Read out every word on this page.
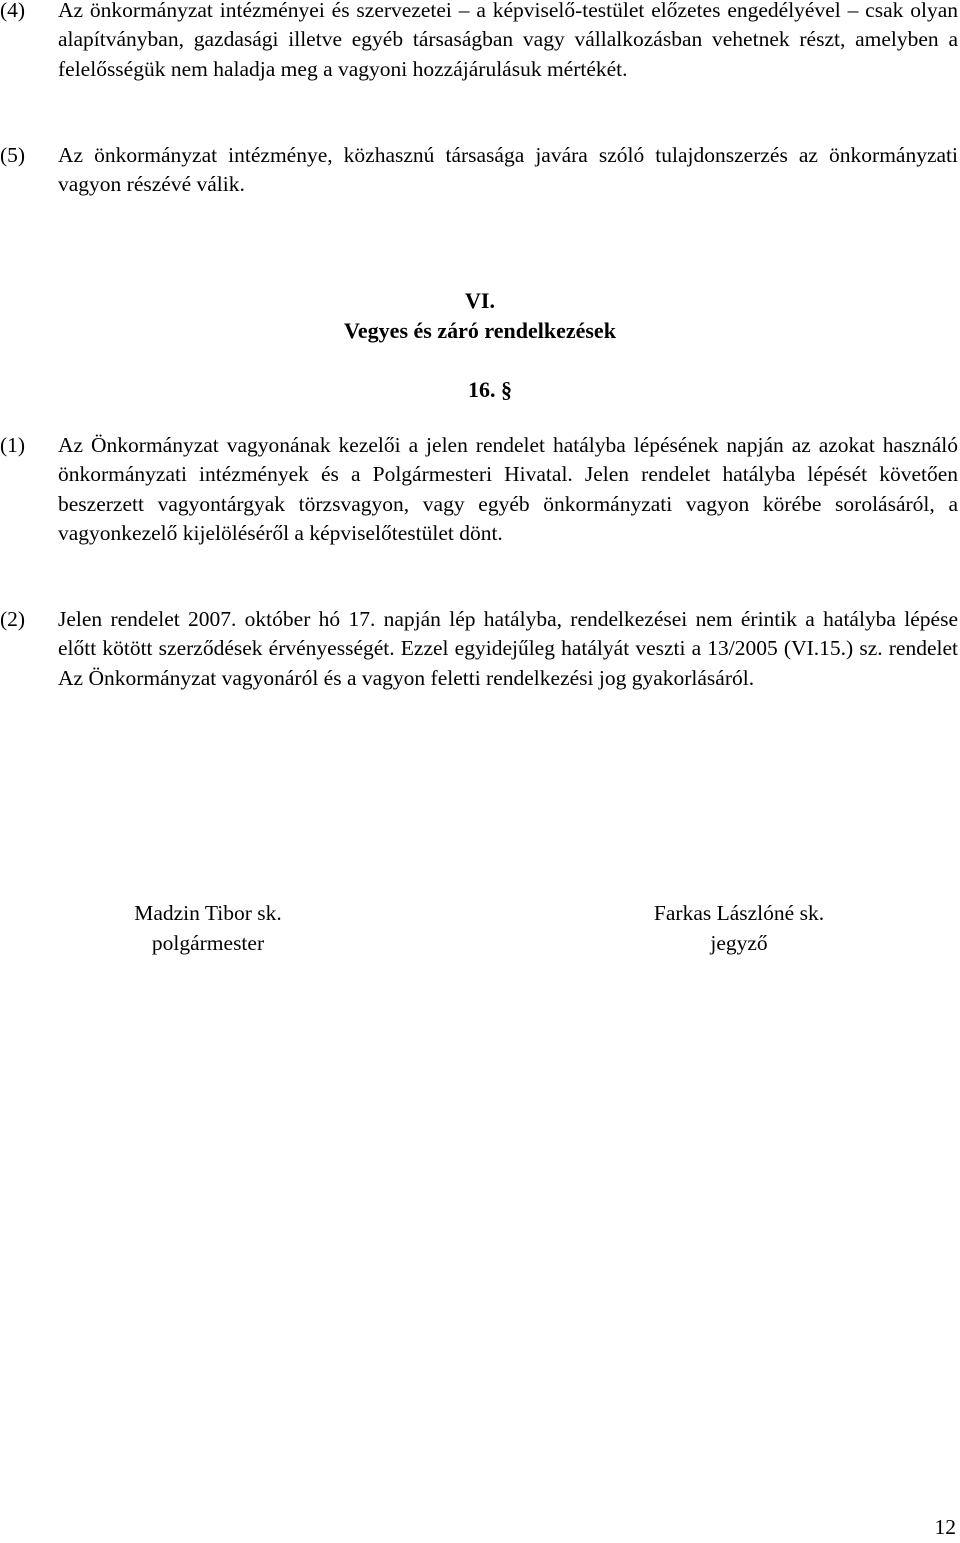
(4) Az önkormányzat intézményei és szervezetei – a képviselő-testület előzetes engedélyével – csak olyan alapítványban, gazdasági illetve egyéb társaságban vagy vállalkozásban vehetnek részt, amelyben a felelősségük nem haladja meg a vagyoni hozzájárulásuk mértékét.
(5) Az önkormányzat intézménye, közhasznú társasága javára szóló tulajdonszerzés az önkormányzati vagyon részévé válik.
VI.
Vegyes és záró rendelkezések
16. §
(1) Az Önkormányzat vagyonának kezelői a jelen rendelet hatályba lépésének napján az azokat használó önkormányzati intézmények és a Polgármesteri Hivatal. Jelen rendelet hatályba lépését követően beszerzett vagyontárgyak törzsvagyon, vagy egyéb önkormányzati vagyon körébe sorolásáról, a vagyonkezelő kijelöléséről a képviselőtestület dönt.
(2) Jelen rendelet 2007. október hó 17. napján lép hatályba, rendelkezései nem érintik a hatályba lépése előtt kötött szerződések érvényességét. Ezzel egyidejűleg hatályát veszti a 13/2005 (VI.15.) sz. rendelet Az Önkormányzat vagyonáról és a vagyon feletti rendelkezési jog gyakorlásáról.
Madzin Tibor sk.
polgármester
Farkas Lászlóné sk.
jegyző
12
